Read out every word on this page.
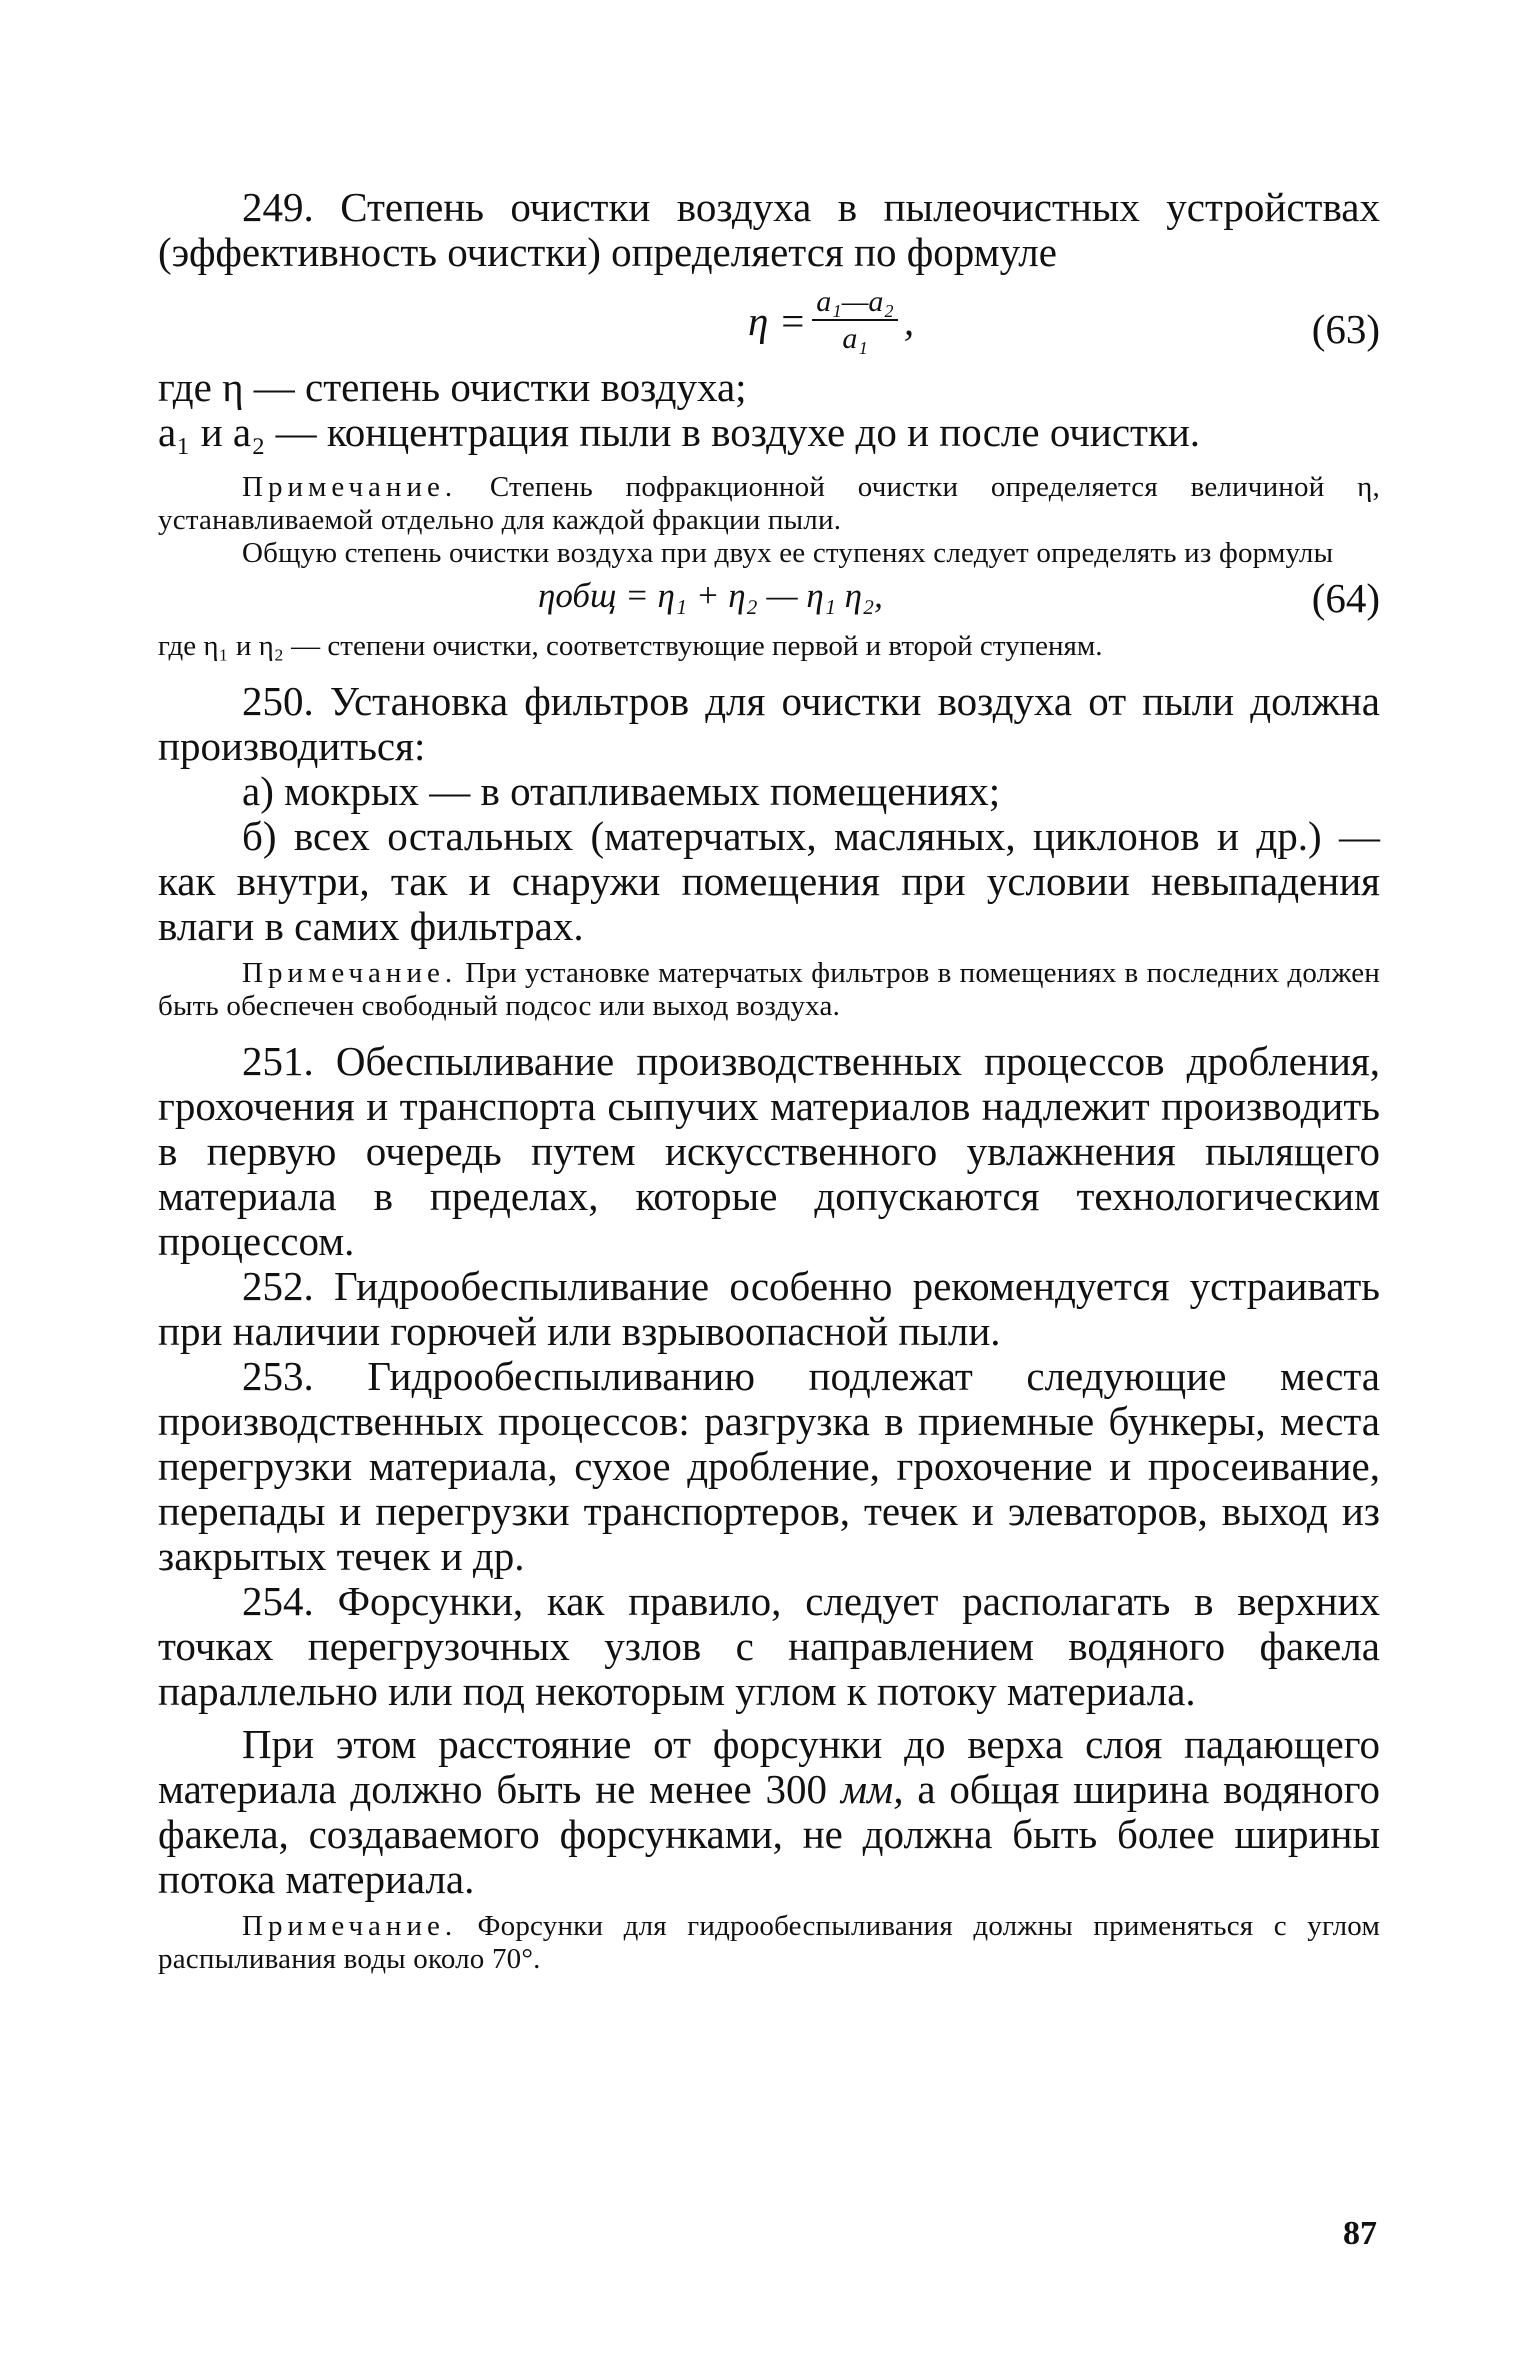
249. Степень очистки воздуха в пылеочистных устройствах (эффективность очистки) определяется по формуле

$\eta = \frac{\text{a₁—a₂}}{\text{a₁}}$ ,	(63)

где η — степень очистки воздуха;

a₁ и a₂ — концентрация пыли в воздухе до и после очистки.

Примечание. Степень пофракционной очистки определяется величиной η, устанавливаемой отдельно для каждой фракции пыли.

Общую степень очистки воздуха при двух ее ступенях следует определять из формулы

ηобщ = η₁ + η₂ — η₁ η₂,	(64)

где η₁ и η₂ — степени очистки, соответствующие первой и второй ступеням.

250. Установка фильтров для очистки воздуха от пыли должна производиться:

а) мокрых — в отапливаемых помещениях;

б) всех остальных (матерчатых, масляных, циклонов и др.) — как внутри, так и снаружи помещения при условии невыпадения влаги в самих фильтрах.

Примечание. При установке матерчатых фильтров в помещениях в последних должен быть обеспечен свободный подсос или выход воздуха.

251. Обеспыливание производственных процессов дробления, грохочения и транспорта сыпучих материалов надлежит производить в первую очередь путем искусственного увлажнения пылящего материала в пределах, которые допускаются технологическим процессом.

252. Гидрообеспыливание особенно рекомендуется устраивать при наличии горючей или взрывоопасной пыли.

253. Гидрообеспыливанию подлежат следующие места производственных процессов: разгрузка в приемные бункеры, места перегрузки материала, сухое дробление, грохочение и просеивание, перепады и перегрузки транспортеров, течек и элеваторов, выход из закрытых течек и др.

254. Форсунки, как правило, следует располагать в верхних точках перегрузочных узлов с направлением водяного факела параллельно или под некоторым углом к потоку материала.

При этом расстояние от форсунки до верха слоя падающего материала должно быть не менее 300 мм, а общая ширина водяного факела, создаваемого форсунками, не должна быть более ширины потока материала.

Примечание. Форсунки для гидрообеспыливания должны применяться с углом распыливания воды около 70°.

87
